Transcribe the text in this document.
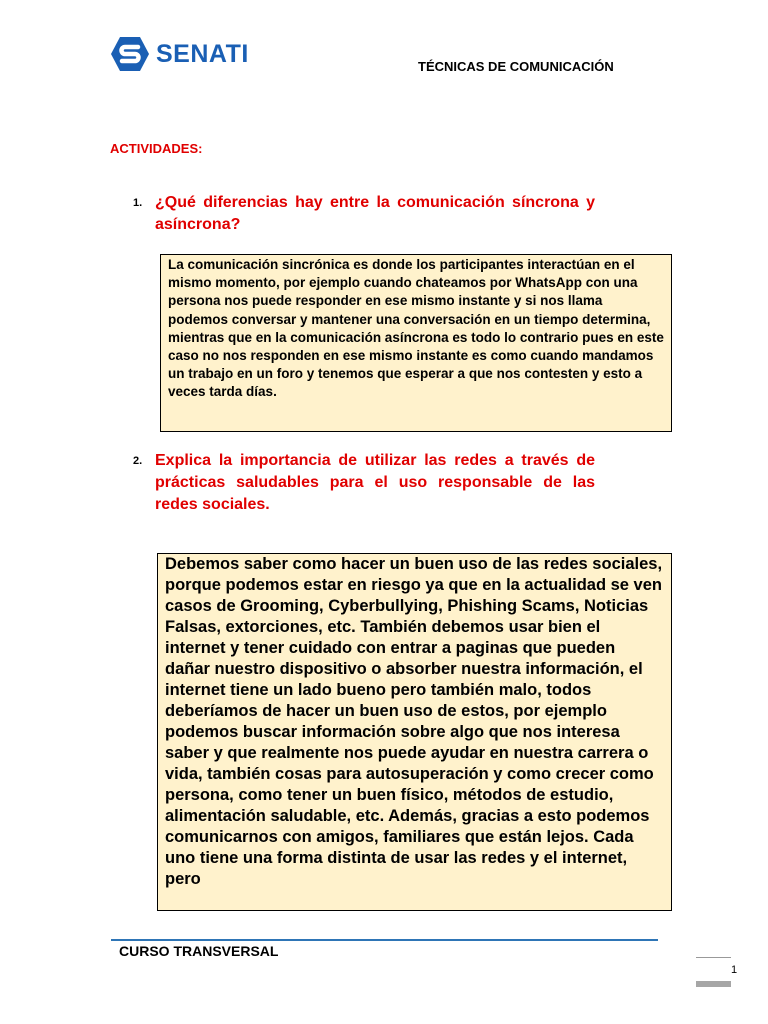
SENATI	TÉCNICAS DE COMUNICACIÓN
ACTIVIDADES:
1. ¿Qué diferencias hay entre la comunicación síncrona y asíncrona?
La comunicación sincrónica es donde los participantes interactúan en el mismo momento, por ejemplo cuando chateamos por WhatsApp con una persona nos puede responder en ese mismo instante y si nos llama podemos conversar y mantener una conversación en un tiempo determina, mientras que en la comunicación asíncrona es todo lo contrario pues en este caso no nos responden en ese mismo instante es como cuando mandamos un trabajo en un foro y tenemos que esperar a que nos contesten y esto a veces tarda días.
2. Explica la importancia de utilizar las redes a través de prácticas saludables para el uso responsable de las redes sociales.
Debemos saber como hacer un buen uso de las redes sociales, porque podemos estar en riesgo ya que en la actualidad se ven casos de Grooming, Cyberbullying, Phishing Scams, Noticias Falsas, extorciones, etc. También debemos usar bien el internet y tener cuidado con entrar a paginas que pueden dañar nuestro dispositivo o absorber nuestra información, el internet tiene un lado bueno pero también malo, todos deberíamos de hacer un buen uso de estos, por ejemplo podemos buscar información sobre algo que nos interesa saber y que realmente nos puede ayudar en nuestra carrera o vida, también cosas para autosuperación y como crecer como persona, como tener un buen físico, métodos de estudio, alimentación saludable, etc. Además, gracias a esto podemos comunicarnos con amigos, familiares que están lejos. Cada uno tiene una forma distinta de usar las redes y el internet, pero
CURSO TRANSVERSAL
1
